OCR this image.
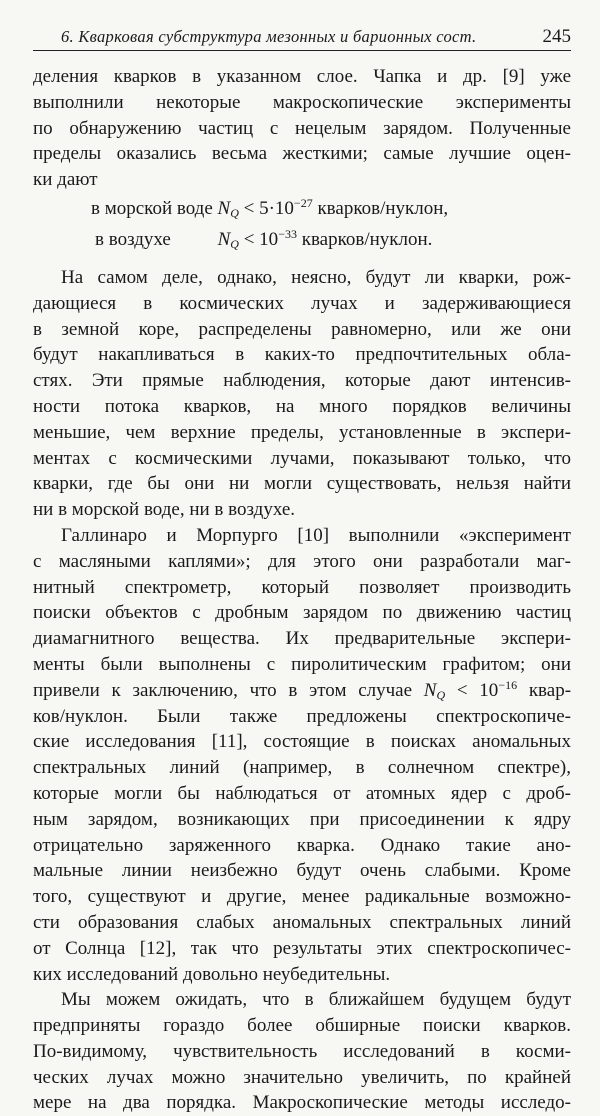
6. Кварковая субструктура мезонных и барионных сост.	245
деления кварков в указанном слое. Чапка и др. [9] уже
выполнили некоторые макроскопические эксперименты
по обнаружению частиц с нецелым зарядом. Полученные
пределы оказались весьма жесткими; самые лучшие оцен-
ки дают
в морской воде $N_Q < 5\cdot 10^{-27}$ кварков/нуклон,
в воздухе $N_Q < 10^{-33}$ кварков/нуклон.
На самом деле, однако, неясно, будут ли кварки, рож-
дающиеся в космических лучах и задерживающиеся
в земной коре, распределены равномерно, или же они
будут накапливаться в каких-то предпочтительных обла-
стях. Эти прямые наблюдения, которые дают интенсив-
ности потока кварков, на много порядков величины
меньшие, чем верхние пределы, установленные в экспери-
ментах с космическими лучами, показывают только, что
кварки, где бы они ни могли существовать, нельзя найти
ни в морской воде, ни в воздухе.
Галлинаро и Морпурго [10] выполнили «эксперимент
с масляными каплями»; для этого они разработали маг-
нитный спектрометр, который позволяет производить
поиски объектов с дробным зарядом по движению частиц
диамагнитного вещества. Их предварительные экспери-
менты были выполнены с пиролитическим графитом; они
привели к заключению, что в этом случае $N_Q < 10^{-16}$ квар-
ков/нуклон. Были также предложены спектроскопиче-
ские исследования [11], состоящие в поисках аномальных
спектральных линий (например, в солнечном спектре),
которые могли бы наблюдаться от атомных ядер с дроб-
ным зарядом, возникающих при присоединении к ядру
отрицательно заряженного кварка. Однако такие ано-
мальные линии неизбежно будут очень слабыми. Кроме
того, существуют и другие, менее радикальные возможно-
сти образования слабых аномальных спектральных линий
от Солнца [12], так что результаты этих спектроскопичес-
ких исследований довольно неубедительны.
Мы можем ожидать, что в ближайшем будущем будут
предприняты гораздо более обширные поиски кварков.
По-видимому, чувствительность исследований в косми-
ческих лучах можно значительно увеличить, по крайней
мере на два порядка. Макроскопические методы исследо-
